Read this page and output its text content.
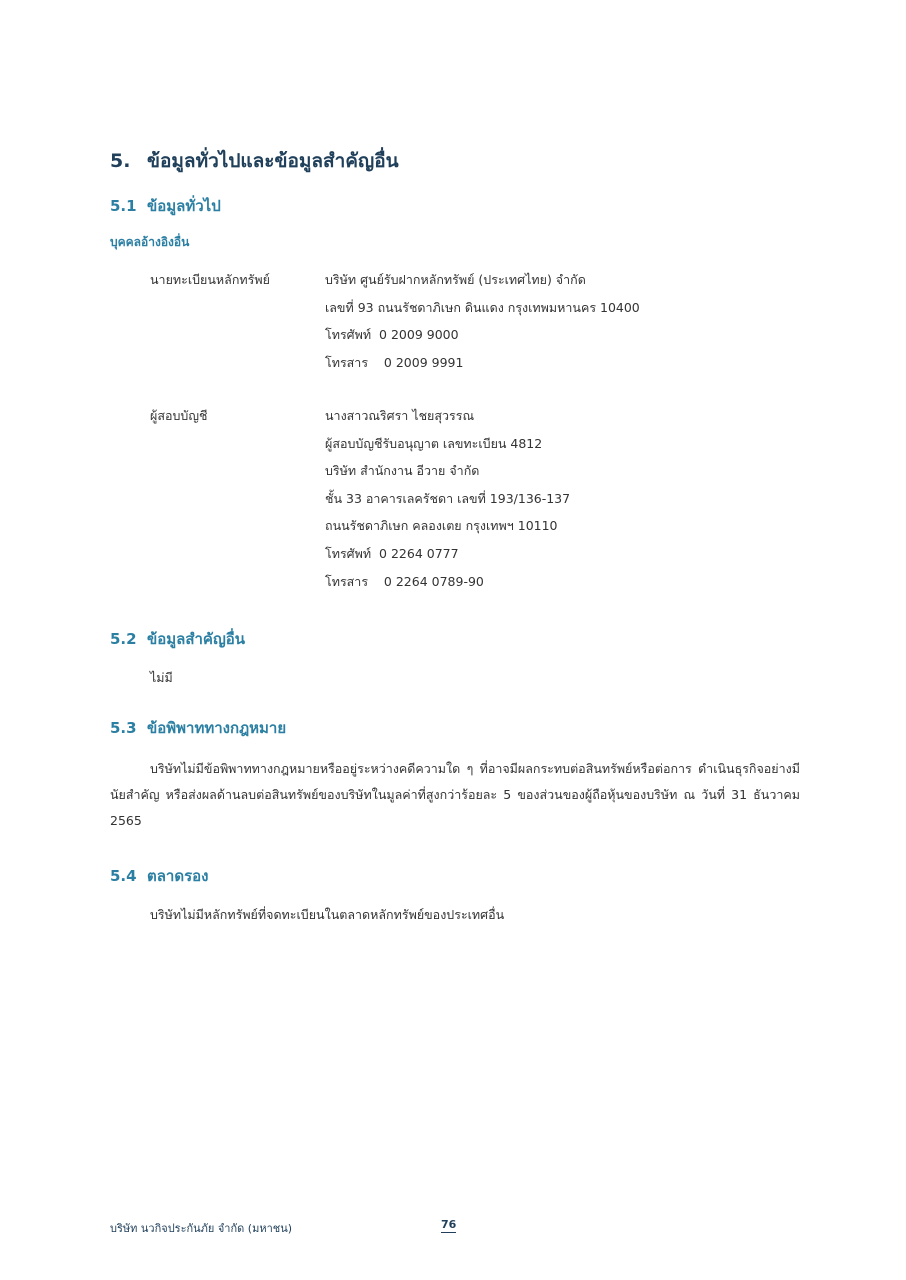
5. ข้อมูลทั่วไปและข้อมูลสำคัญอื่น
5.1 ข้อมูลทั่วไป
บุคคลอ้างอิงอื่น
นายทะเบียนหลักทรัพย์	บริษัท ศูนย์รับฝากหลักทรัพย์ (ประเทศไทย) จำกัด
เลขที่ 93 ถนนรัชดาภิเษก ดินแดง กรุงเทพมหานคร 10400
โทรศัพท์  0 2009 9000
โทรสาร    0 2009 9991
ผู้สอบบัญชี	นางสาวณริศรา ไชยสุวรรณ
ผู้สอบบัญชีรับอนุญาต เลขทะเบียน 4812
บริษัท สำนักงาน อีวาย จำกัด
ชั้น 33 อาคารเลครัชดา เลขที่ 193/136-137
ถนนรัชดาภิเษก คลองเตย กรุงเทพฯ 10110
โทรศัพท์  0 2264 0777
โทรสาร    0 2264 0789-90
5.2 ข้อมูลสำคัญอื่น
ไม่มี
5.3 ข้อพิพาททางกฎหมาย

บริษัทไม่มีข้อพิพาททางกฎหมายหรืออยู่ระหว่างคดีความใด ๆ ที่อาจมีผลกระทบต่อสินทรัพย์หรือต่อการ ดำเนินธุรกิจอย่างมีนัยสำคัญ หรือส่งผลด้านลบต่อสินทรัพย์ของบริษัทในมูลค่าที่สูงกว่าร้อยละ 5 ของส่วนของผู้ถือหุ้นของบริษัท ณ วันที่ 31 ธันวาคม 2565

5.4 ตลาดรอง
บริษัทไม่มีหลักทรัพย์ที่จดทะเบียนในตลาดหลักทรัพย์ของประเทศอื่น
บริษัท นวกิจประกันภัย จำกัด (มหาชน)	76
